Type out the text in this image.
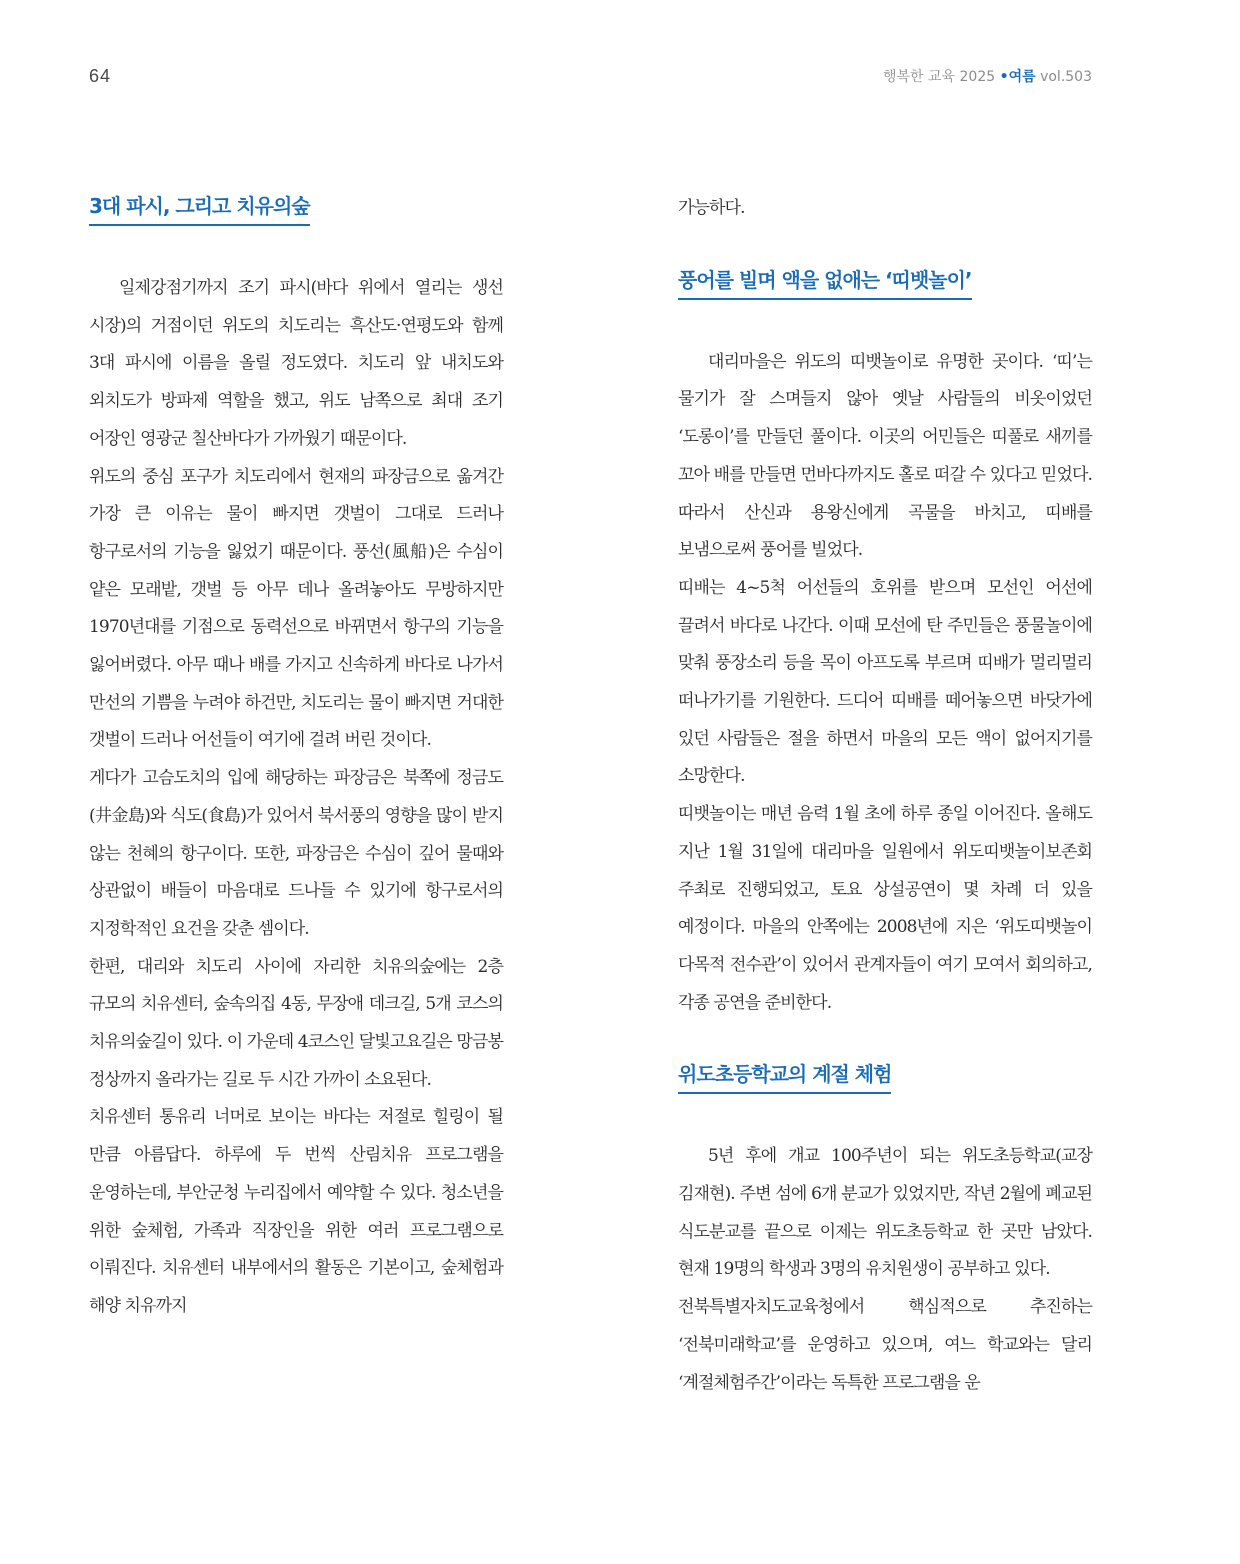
64	행복한 교육 2025 •여름 vol.503
3대 파시, 그리고 치유의숲

일제강점기까지 조기 파시(바다 위에서 열리는 생선 시장)의 거점이던 위도의 치도리는 흑산도·연평도와 함께 3대 파시에 이름을 올릴 정도였다. 치도리 앞 내치도와 외치도가 방파제 역할을 했고, 위도 남쪽으로 최대 조기 어장인 영광군 칠산바다가 가까웠기 때문이다.

위도의 중심 포구가 치도리에서 현재의 파장금으로 옮겨간 가장 큰 이유는 물이 빠지면 갯벌이 그대로 드러나 항구로서의 기능을 잃었기 때문이다. 풍선(風船)은 수심이 얕은 모래밭, 갯벌 등 아무 데나 올려놓아도 무방하지만 1970년대를 기점으로 동력선으로 바뀌면서 항구의 기능을 잃어버렸다. 아무 때나 배를 가지고 신속하게 바다로 나가서 만선의 기쁨을 누려야 하건만, 치도리는 물이 빠지면 거대한 갯벌이 드러나 어선들이 여기에 걸려 버린 것이다.

게다가 고슴도치의 입에 해당하는 파장금은 북쪽에 정금도(井金島)와 식도(食島)가 있어서 북서풍의 영향을 많이 받지 않는 천혜의 항구이다. 또한, 파장금은 수심이 깊어 물때와 상관없이 배들이 마음대로 드나들 수 있기에 항구로서의 지정학적인 요건을 갖춘 셈이다.

한편, 대리와 치도리 사이에 자리한 치유의숲에는 2층 규모의 치유센터, 숲속의집 4동, 무장애 데크길, 5개 코스의 치유의숲길이 있다. 이 가운데 4코스인 달빛고요길은 망금봉 정상까지 올라가는 길로 두 시간 가까이 소요된다.

치유센터 통유리 너머로 보이는 바다는 저절로 힐링이 될 만큼 아름답다. 하루에 두 번씩 산림치유 프로그램을 운영하는데, 부안군청 누리집에서 예약할 수 있다. 청소년을 위한 숲체험, 가족과 직장인을 위한 여러 프로그램으로 이뤄진다. 치유센터 내부에서의 활동은 기본이고, 숲체험과 해양 치유까지

가능하다.

풍어를 빌며 액을 없애는 ‘띠뱃놀이’

대리마을은 위도의 띠뱃놀이로 유명한 곳이다. ‘띠’는 물기가 잘 스며들지 않아 옛날 사람들의 비옷이었던 ‘도롱이’를 만들던 풀이다. 이곳의 어민들은 띠풀로 새끼를 꼬아 배를 만들면 먼바다까지도 홀로 떠갈 수 있다고 믿었다. 따라서 산신과 용왕신에게 곡물을 바치고, 띠배를 보냄으로써 풍어를 빌었다.

띠배는 4~5척 어선들의 호위를 받으며 모선인 어선에 끌려서 바다로 나간다. 이때 모선에 탄 주민들은 풍물놀이에 맞춰 풍장소리 등을 목이 아프도록 부르며 띠배가 멀리멀리 떠나가기를 기원한다. 드디어 띠배를 떼어놓으면 바닷가에 있던 사람들은 절을 하면서 마을의 모든 액이 없어지기를 소망한다.

띠뱃놀이는 매년 음력 1월 초에 하루 종일 이어진다. 올해도 지난 1월 31일에 대리마을 일원에서 위도띠뱃놀이보존회 주최로 진행되었고, 토요 상설공연이 몇 차례 더 있을 예정이다. 마을의 안쪽에는 2008년에 지은 ‘위도띠뱃놀이 다목적 전수관’이 있어서 관계자들이 여기 모여서 회의하고, 각종 공연을 준비한다.

위도초등학교의 계절 체험

5년 후에 개교 100주년이 되는 위도초등학교(교장 김재현). 주변 섬에 6개 분교가 있었지만, 작년 2월에 폐교된 식도분교를 끝으로 이제는 위도초등학교 한 곳만 남았다. 현재 19명의 학생과 3명의 유치원생이 공부하고 있다.

전북특별자치도교육청에서 핵심적으로 추진하는 ‘전북미래학교’를 운영하고 있으며, 여느 학교와는 달리 ‘계절체험주간’이라는 독특한 프로그램을 운
